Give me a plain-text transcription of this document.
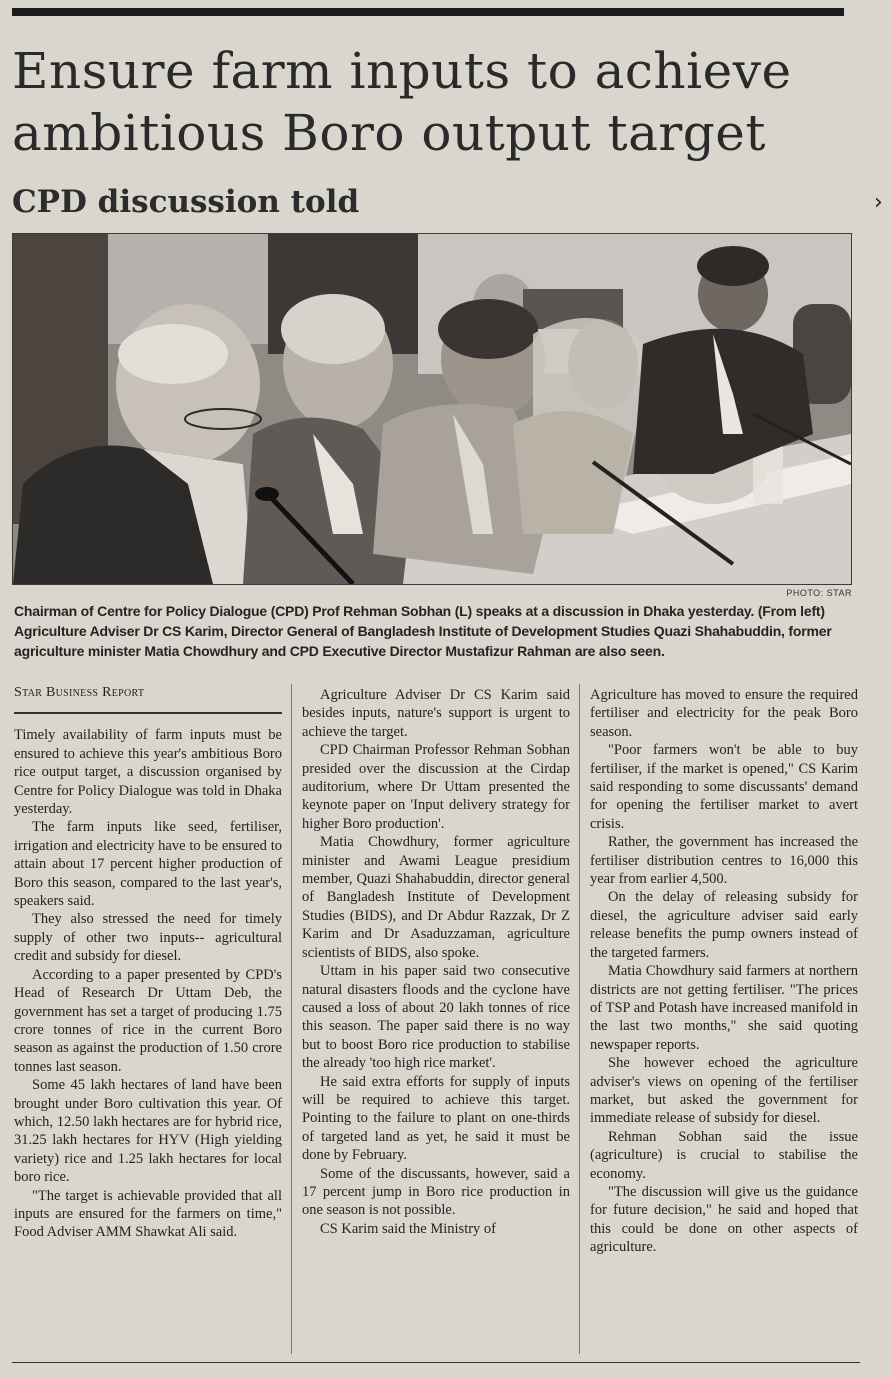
Ensure farm inputs to achieve ambitious Boro output target
CPD discussion told	›
PHOTO: STAR

Chairman of Centre for Policy Dialogue (CPD) Prof Rehman Sobhan (L) speaks at a discussion in Dhaka yesterday. (From left) Agriculture Adviser Dr CS Karim, Director General of Bangladesh Institute of Development Studies Quazi Shahabuddin, former agriculture minister Matia Chowdhury and CPD Executive Director Mustafizur Rahman are also seen.

Star Business Report

Timely availability of farm inputs must be ensured to achieve this year's ambitious Boro rice output target, a discussion organised by Centre for Policy Dialogue was told in Dhaka yesterday.

The farm inputs like seed, fertiliser, irrigation and electricity have to be ensured to attain about 17 percent higher production of Boro this season, compared to the last year's, speakers said.

They also stressed the need for timely supply of other two inputs-- agricultural credit and subsidy for diesel.

According to a paper presented by CPD's Head of Research Dr Uttam Deb, the government has set a target of producing 1.75 crore tonnes of rice in the current Boro season as against the production of 1.50 crore tonnes last season.

Some 45 lakh hectares of land have been brought under Boro cultivation this year. Of which, 12.50 lakh hectares are for hybrid rice, 31.25 lakh hectares for HYV (High yielding variety) rice and 1.25 lakh hectares for local boro rice.

"The target is achievable provided that all inputs are ensured for the farmers on time," Food Adviser AMM Shawkat Ali said.

Agriculture Adviser Dr CS Karim said besides inputs, nature's support is urgent to achieve the target.

CPD Chairman Professor Rehman Sobhan presided over the discussion at the Cirdap auditorium, where Dr Uttam presented the keynote paper on 'Input delivery strategy for higher Boro production'.

Matia Chowdhury, former agriculture minister and Awami League presidium member, Quazi Shahabuddin, director general of Bangladesh Institute of Development Studies (BIDS), and Dr Abdur Razzak, Dr Z Karim and Dr Asaduzzaman, agriculture scientists of BIDS, also spoke.

Uttam in his paper said two consecutive natural disasters floods and the cyclone have caused a loss of about 20 lakh tonnes of rice this season. The paper said there is no way but to boost Boro rice production to stabilise the already 'too high rice market'.

He said extra efforts for supply of inputs will be required to achieve this target. Pointing to the failure to plant on one-thirds of targeted land as yet, he said it must be done by February.

Some of the discussants, however, said a 17 percent jump in Boro rice production in one season is not possible.

CS Karim said the Ministry of

Agriculture has moved to ensure the required fertiliser and electricity for the peak Boro season.

"Poor farmers won't be able to buy fertiliser, if the market is opened," CS Karim said responding to some discussants' demand for opening the fertiliser market to avert crisis.

Rather, the government has increased the fertiliser distribution centres to 16,000 this year from earlier 4,500.

On the delay of releasing subsidy for diesel, the agriculture adviser said early release benefits the pump owners instead of the targeted farmers.

Matia Chowdhury said farmers at northern districts are not getting fertiliser. "The prices of TSP and Potash have increased manifold in the last two months," she said quoting newspaper reports.

She however echoed the agriculture adviser's views on opening of the fertiliser market, but asked the government for immediate release of subsidy for diesel.

Rehman Sobhan said the issue (agriculture) is crucial to stabilise the economy.

"The discussion will give us the guidance for future decision," he said and hoped that this could be done on other aspects of agriculture.
